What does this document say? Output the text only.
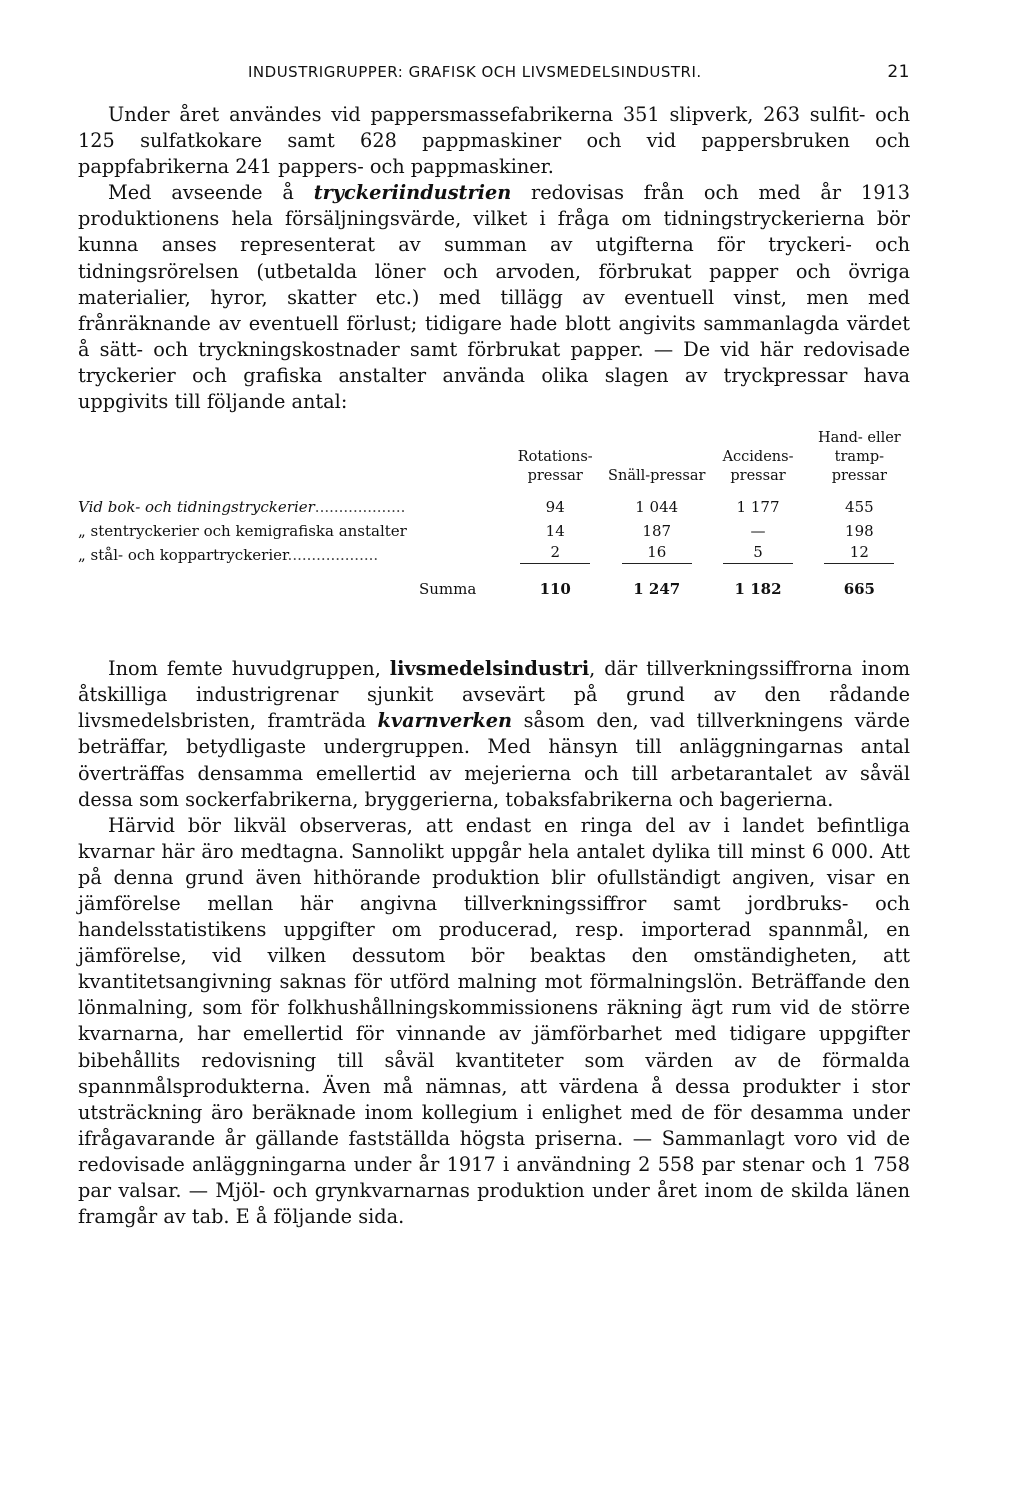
INDUSTRIGRUPPER: GRAFISK OCH LIVSMEDELSINDUSTRI.	21

Under året användes vid pappersmassefabrikerna 351 slipverk, 263 sulfit- och 125 sulfatkokare samt 628 pappmaskiner och vid pappersbruken och pappfabrikerna 241 pappers- och pappmaskiner.

Med avseende å tryckeriindustrien redovisas från och med år 1913 produktionens hela försäljningsvärde, vilket i fråga om tidningstryckerierna bör kunna anses representerat av summan av utgifterna för tryckeri- och tidningsrörelsen (utbetalda löner och arvoden, förbrukat papper och övriga materialier, hyror, skatter etc.) med tillägg av eventuell vinst, men med frånräknande av eventuell förlust; tidigare hade blott angivits sammanlagda värdet å sätt- och tryckningskostnader samt förbrukat papper. — De vid här redovisade tryckerier och grafiska anstalter använda olika slagen av tryckpressar hava uppgivits till följande antal:

	Rotations-pressar	Snäll-pressar	Accidens-pressar	Hand- eller tramp-pressar
Vid bok- och tidningstryckerier...................	94	1 044	1 177	455
„ stentryckerier och kemigrafiska anstalter	14	187	—	198
„ stål- och koppartryckerier...................	2	16	5	12
Summa	110	1 247	1 182	665

Inom femte huvudgruppen, livsmedelsindustri, där tillverkningssiffrorna inom åtskilliga industrigrenar sjunkit avsevärt på grund av den rådande livsmedelsbristen, framträda kvarnverken såsom den, vad tillverkningens värde beträffar, betydligaste undergruppen. Med hänsyn till anläggningarnas antal överträffas densamma emellertid av mejerierna och till arbetarantalet av såväl dessa som sockerfabrikerna, bryggerierna, tobaksfabrikerna och bagerierna.

Härvid bör likväl observeras, att endast en ringa del av i landet befintliga kvarnar här äro medtagna. Sannolikt uppgår hela antalet dylika till minst 6 000. Att på denna grund även hithörande produktion blir ofullständigt angiven, visar en jämförelse mellan här angivna tillverkningssiffror samt jordbruks- och handelsstatistikens uppgifter om producerad, resp. importerad spannmål, en jämförelse, vid vilken dessutom bör beaktas den omständigheten, att kvantitetsangivning saknas för utförd malning mot förmalningslön. Beträffande den lönmalning, som för folkhushållningskommissionens räkning ägt rum vid de större kvarnarna, har emellertid för vinnande av jämförbarhet med tidigare uppgifter bibehållits redovisning till såväl kvantiteter som värden av de förmalda spannmålsprodukterna. Även må nämnas, att värdena å dessa produkter i stor utsträckning äro beräknade inom kollegium i enlighet med de för desamma under ifrågavarande år gällande fastställda högsta priserna. — Sammanlagt voro vid de redovisade anläggningarna under år 1917 i användning 2 558 par stenar och 1 758 par valsar. — Mjöl- och grynkvarnarnas produktion under året inom de skilda länen framgår av tab. E å följande sida.
